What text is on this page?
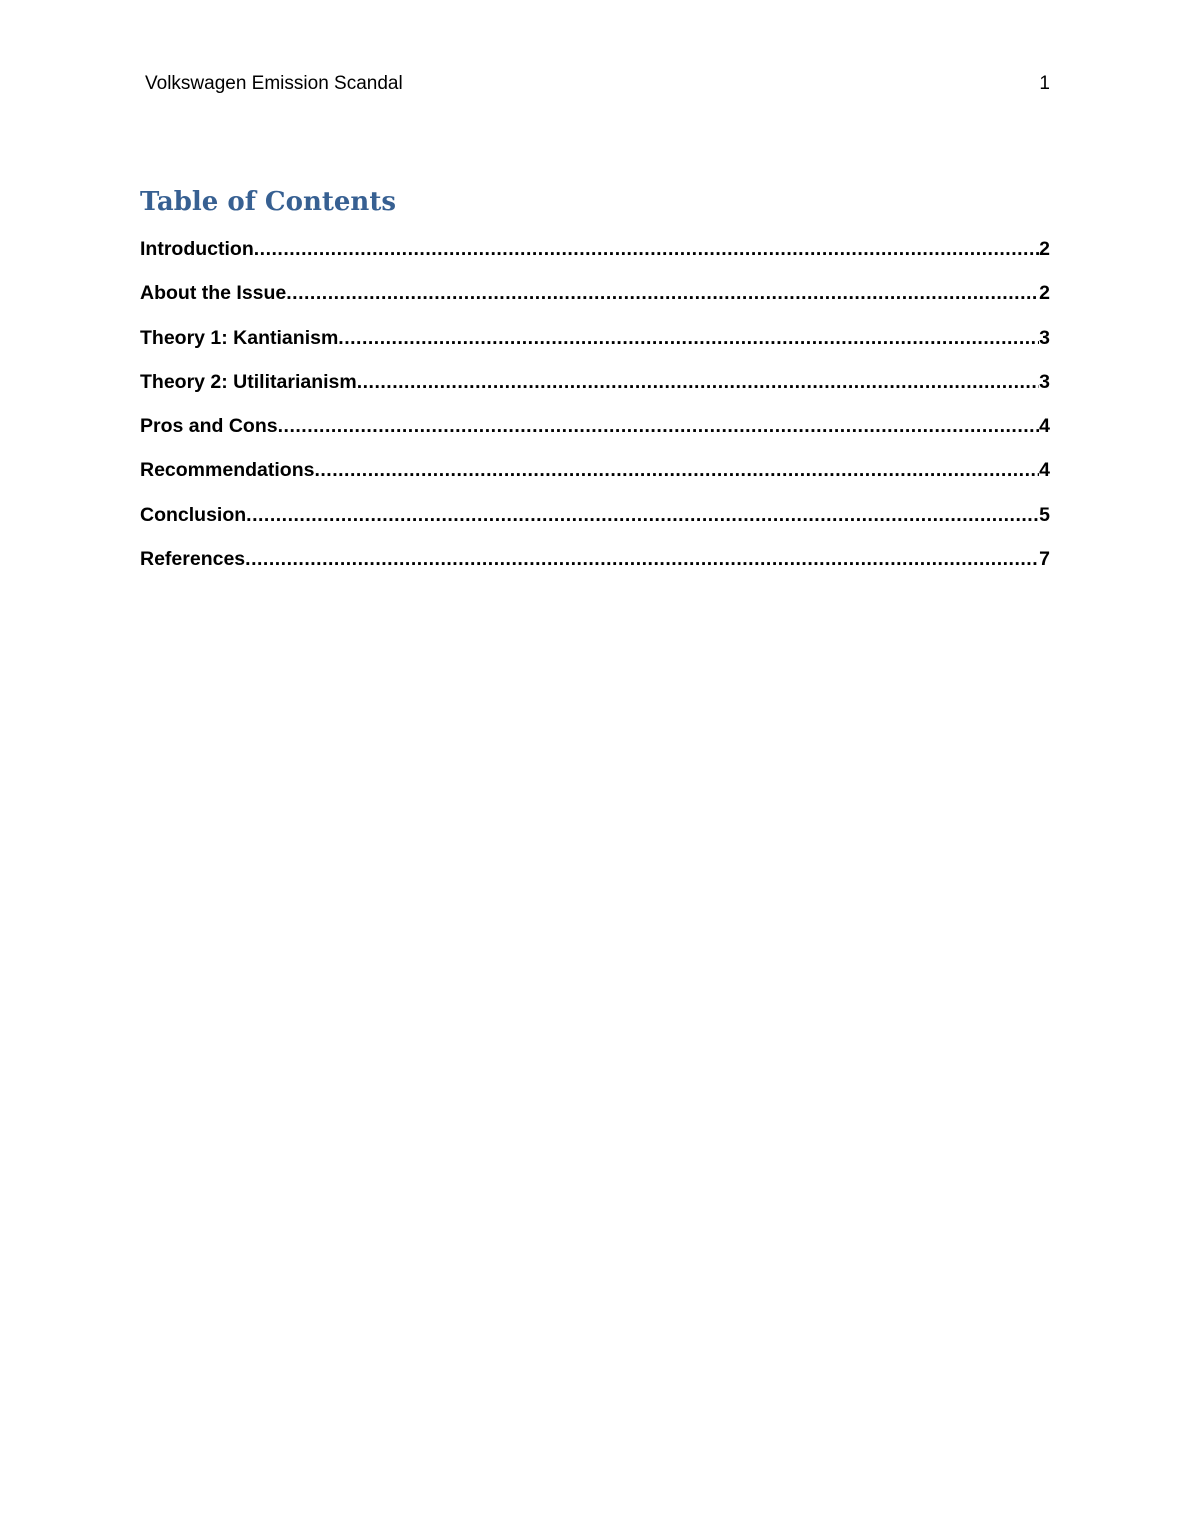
Volkswagen Emission Scandal	1
Table of Contents
Introduction .....	2
About the Issue .....	2
Theory 1: Kantianism .....	3
Theory 2: Utilitarianism .....	3
Pros and Cons .....	4
Recommendations .....	4
Conclusion .....	5
References .....	7
